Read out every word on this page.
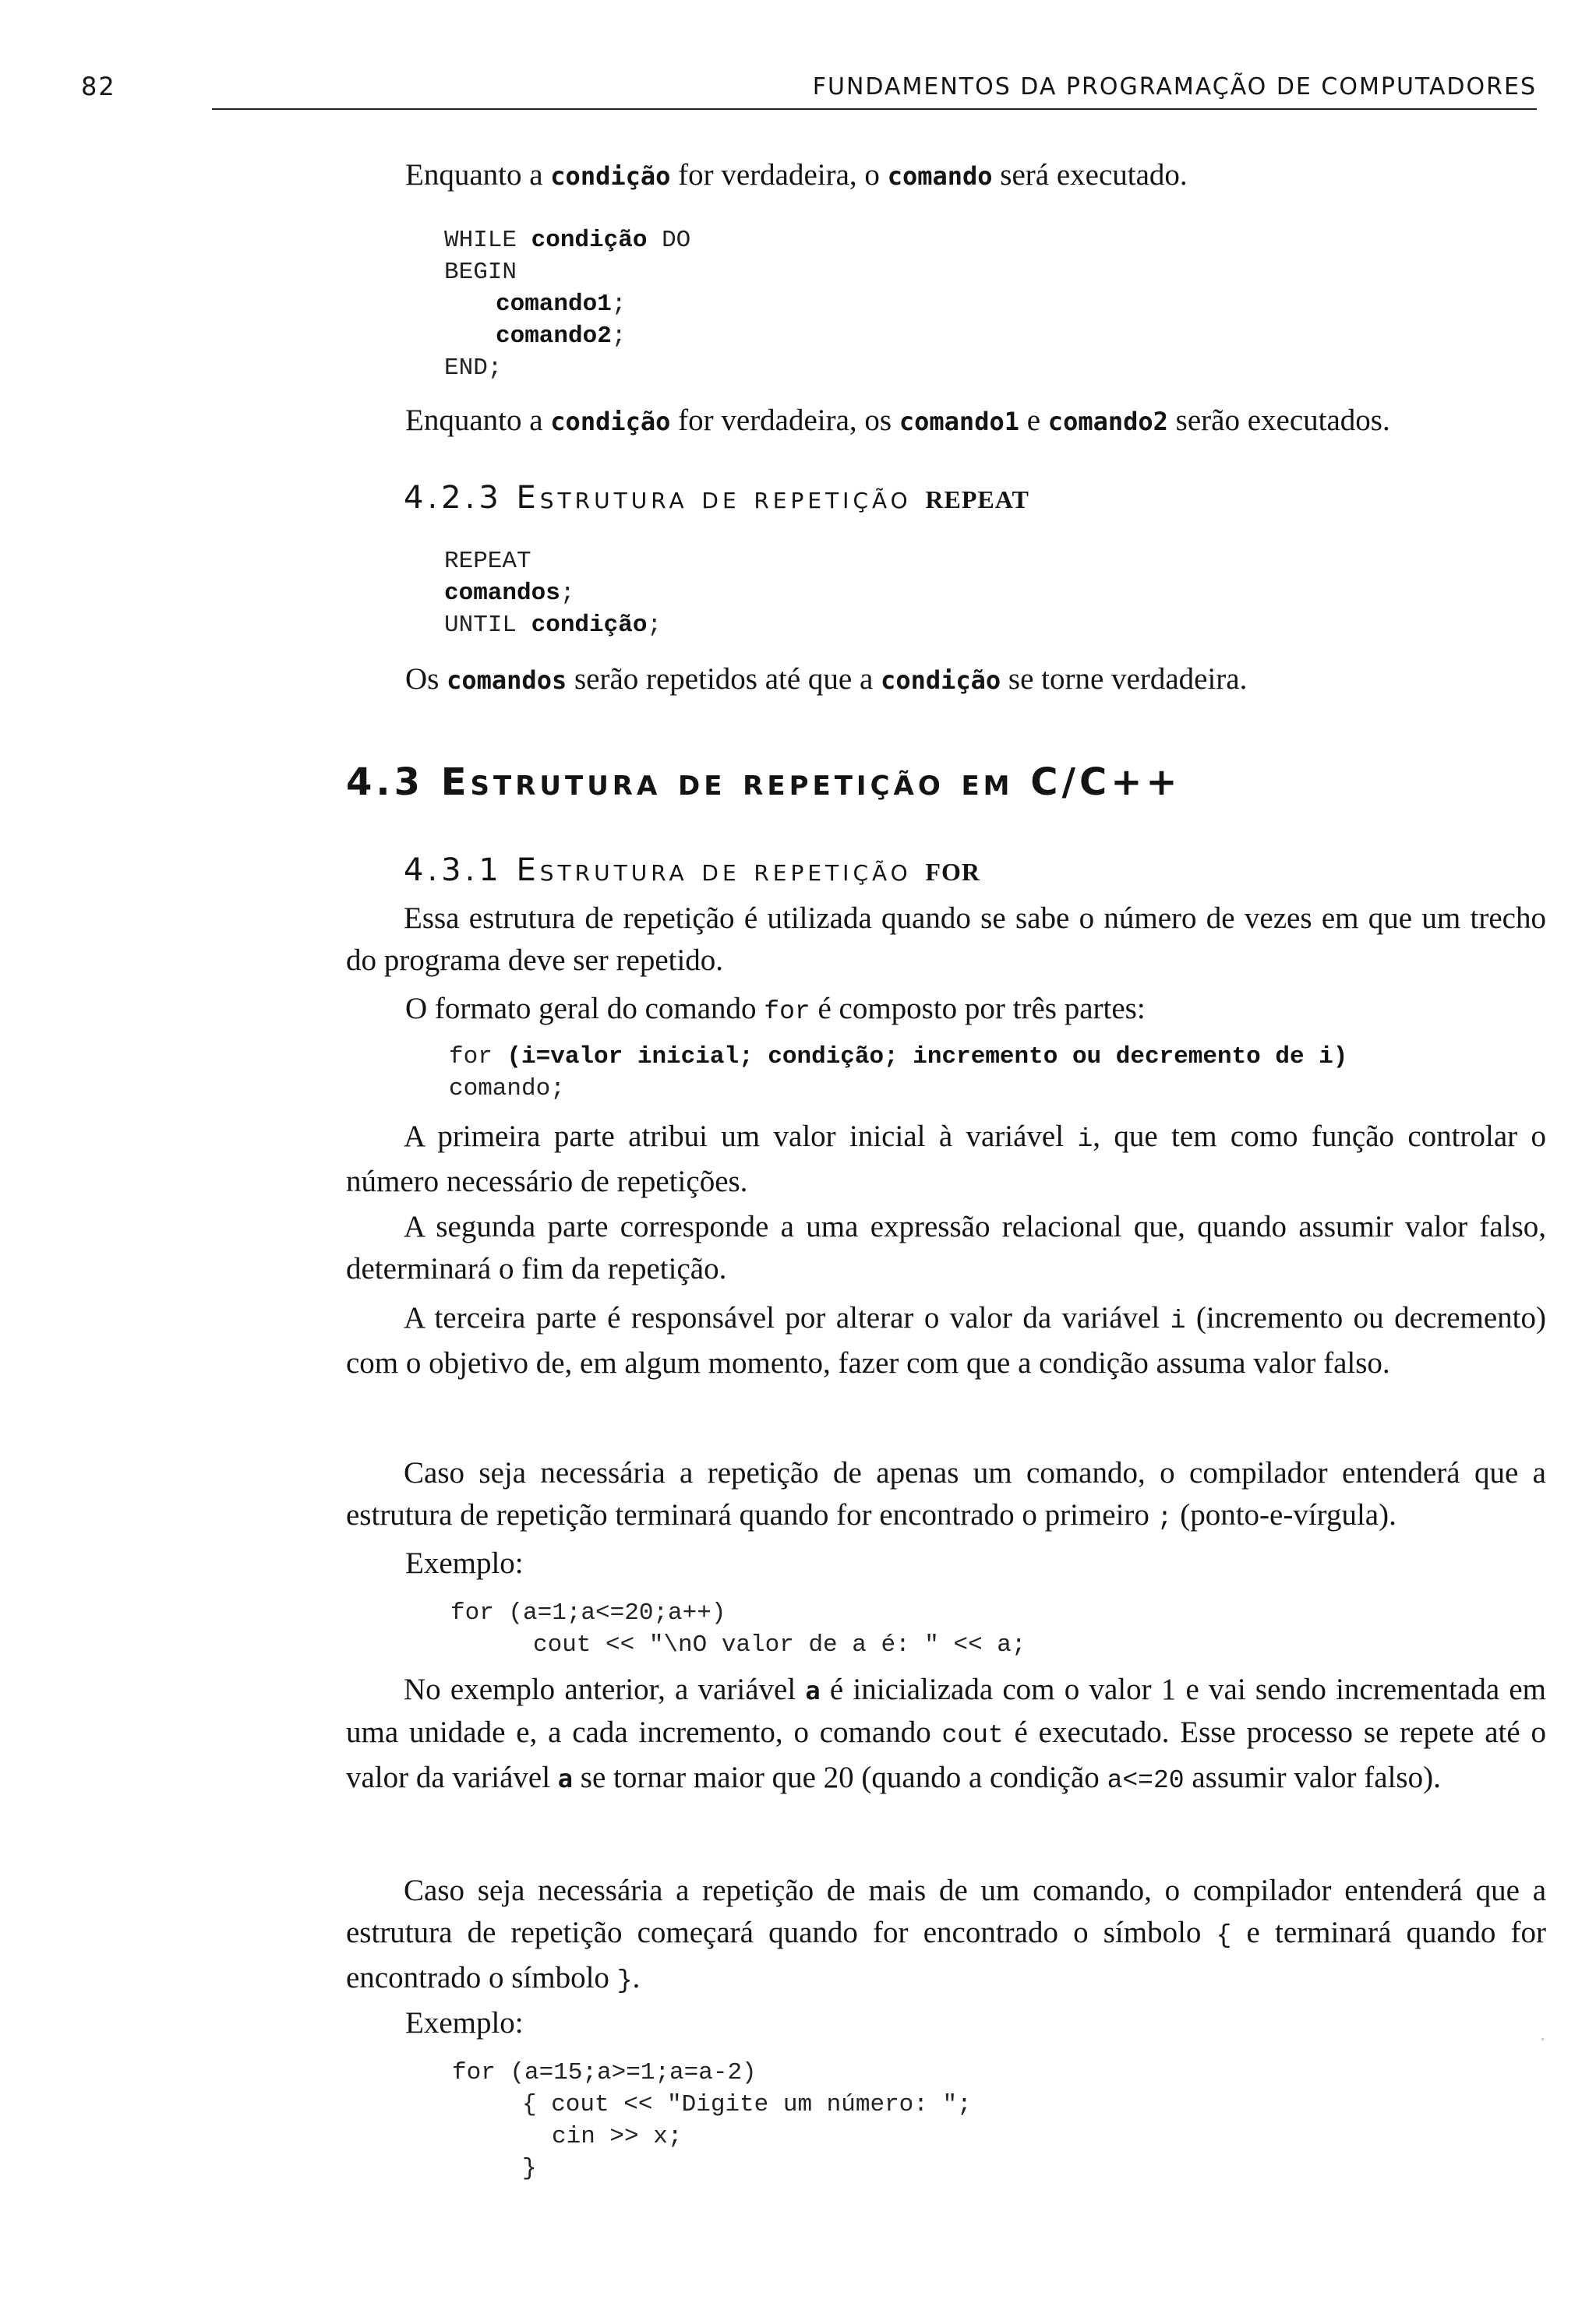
82	FUNDAMENTOS DA PROGRAMAÇÃO DE COMPUTADORES

Enquanto a condição for verdadeira, o comando será executado.

WHILE condição DO
BEGIN
comando1;
comando2;
END;

Enquanto a condição for verdadeira, os comando1 e comando2 serão executados.

4.2.3 Estrutura de repetição REPEAT
REPEAT
comandos;
UNTIL condição;

Os comandos serão repetidos até que a condição se torne verdadeira.

4.3 Estrutura de repetição em C/C++
4.3.1 Estrutura de repetição FOR

Essa estrutura de repetição é utilizada quando se sabe o número de vezes em que um trecho do programa deve ser repetido.

O formato geral do comando for é composto por três partes:

for (i=valor inicial; condição; incremento ou decremento de i)
comando;

A primeira parte atribui um valor inicial à variável i, que tem como função controlar o número necessário de repetições.

A segunda parte corresponde a uma expressão relacional que, quando assumir valor falso, determinará o fim da repetição.

A terceira parte é responsável por alterar o valor da variável i (incremento ou decremento) com o objetivo de, em algum momento, fazer com que a condição assuma valor falso.

Caso seja necessária a repetição de apenas um comando, o compilador entenderá que a estrutura de repetição terminará quando for encontrado o primeiro ; (ponto-e-vírgula).

Exemplo:

for (a=1;a<=20;a++)
cout << "\nO valor de a é: " << a;

No exemplo anterior, a variável a é inicializada com o valor 1 e vai sendo incrementada em uma unidade e, a cada incremento, o comando cout é executado. Esse processo se repete até o valor da variável a se tornar maior que 20 (quando a condição a<=20 assumir valor falso).

Caso seja necessária a repetição de mais de um comando, o compilador entenderá que a estrutura de repetição começará quando for encontrado o símbolo { e terminará quando for encontrado o símbolo }.

Exemplo:

for (a=15;a>=1;a=a-2)
{ cout << "Digite um número: ";
cin >> x;
}
